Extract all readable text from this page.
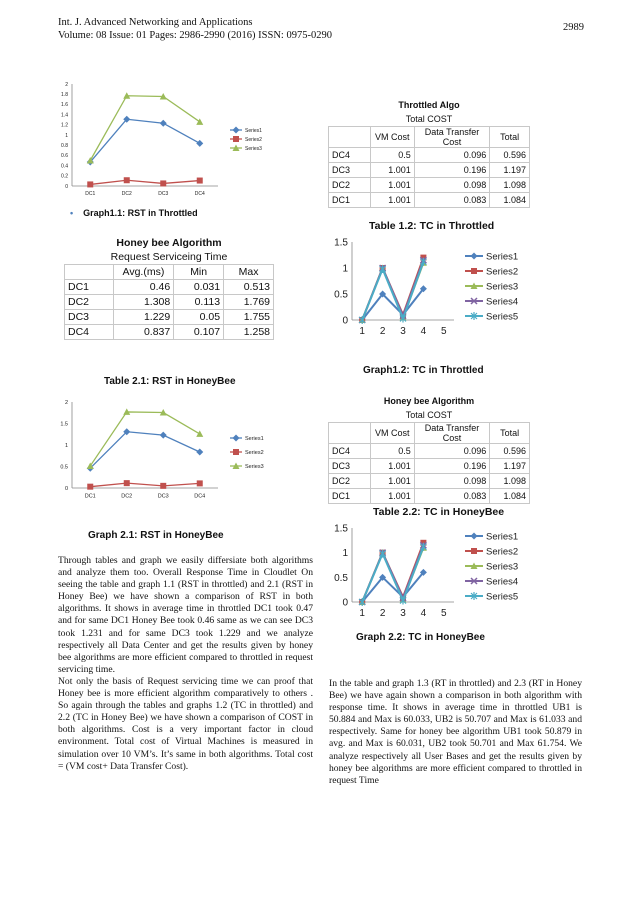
Int. J. Advanced Networking and Applications
Volume: 08 Issue: 01 Pages: 2986-2990 (2016) ISSN: 0975-0290
2989
0
0.2
0.4
0.6
0.8
1
1.2
1.4
1.6
1.8
2
DC1	DC2	DC3	DC4
Series1
Series2
Series3
• Graph1.1: RST in Throttled
Honey bee Algorithm			
Request Serviceing Time			
	Avg.(ms)	Min	Max
DC1	0.46	0.031	0.513
DC2	1.308	0.113	1.769
DC3	1.229	0.05	1.755
DC4	0.837	0.107	1.258
Table 2.1: RST in HoneyBee
0
0.5
1
1.5
2
DC1	DC2	DC3	DC4
Series1
Series2
Series3
Graph 2.1: RST in HoneyBee
Throttled Algo			
Total COST			
	VM Cost	Data Transfer Cost	Total
DC4	0.5	0.096	0.596
DC3	1.001	0.196	1.197
DC2	1.001	0.098	1.098
DC1	1.001	0.083	1.084
Table 1.2: TC in Throttled
0
0.5
1
1.5
1 2 3 4 5
Series1
Series2
Series3
Series4
Series5
Graph1.2: TC in Throttled
Honey bee Algorithm			
Total COST			
	VM Cost	Data Transfer Cost	Total
DC4	0.5	0.096	0.596
DC3	1.001	0.196	1.197
DC2	1.001	0.098	1.098
DC1	1.001	0.083	1.084
Table 2.2: TC in HoneyBee
0
0.5
1
1.5
1 2 3 4 5
Series1
Series2
Series3
Series4
Series5
Graph 2.2: TC in HoneyBee

Through tables and graph we easily differsiate both algorithms and analyze them too. Overall Response Time in Cloudlet On seeing the table and graph 1.1 (RST in throttled) and 2.1 (RST in Honey Bee) we have shown a comparison of RST in both algorithms. It shows in average time in throttled DC1 took 0.47 and for same DC1 Honey Bee took 0.46 same as we can see DC3 took 1.231 and for same DC3 took 1.229 and we analyze respectively all Data Center and get the results given by honey bee algorithms are more efficient compared to throttled in request servicing time.

Not only the basis of Request servicing time we can proof that Honey bee is more efficient algorithm comparatively to others . So again through the tables and graphs 1.2 (TC in throttled) and 2.2 (TC in Honey Bee) we have shown a comparison of COST in both algorithms. Cost is a very important factor in cloud environment. Total cost of Virtual Machines is measured in simulation over 10 VM’s. It’s same in both algorithms. Total cost = (VM cost+ Data Transfer Cost).

In the table and graph 1.3 (RT in throttled) and 2.3 (RT in Honey Bee) we have again shown a comparison in both algorithm with response time. It shows in average time in throttled UB1 is 50.884 and Max is 60.033, UB2 is 50.707 and Max is 61.033 and respectively. Same for honey bee algorithm UB1 took 50.879 in avg. and Max is 60.031, UB2 took 50.701 and Max 61.754. We analyze respectively all User Bases and get the results given by honey bee algorithms are more efficient compared to throttled in request Time
